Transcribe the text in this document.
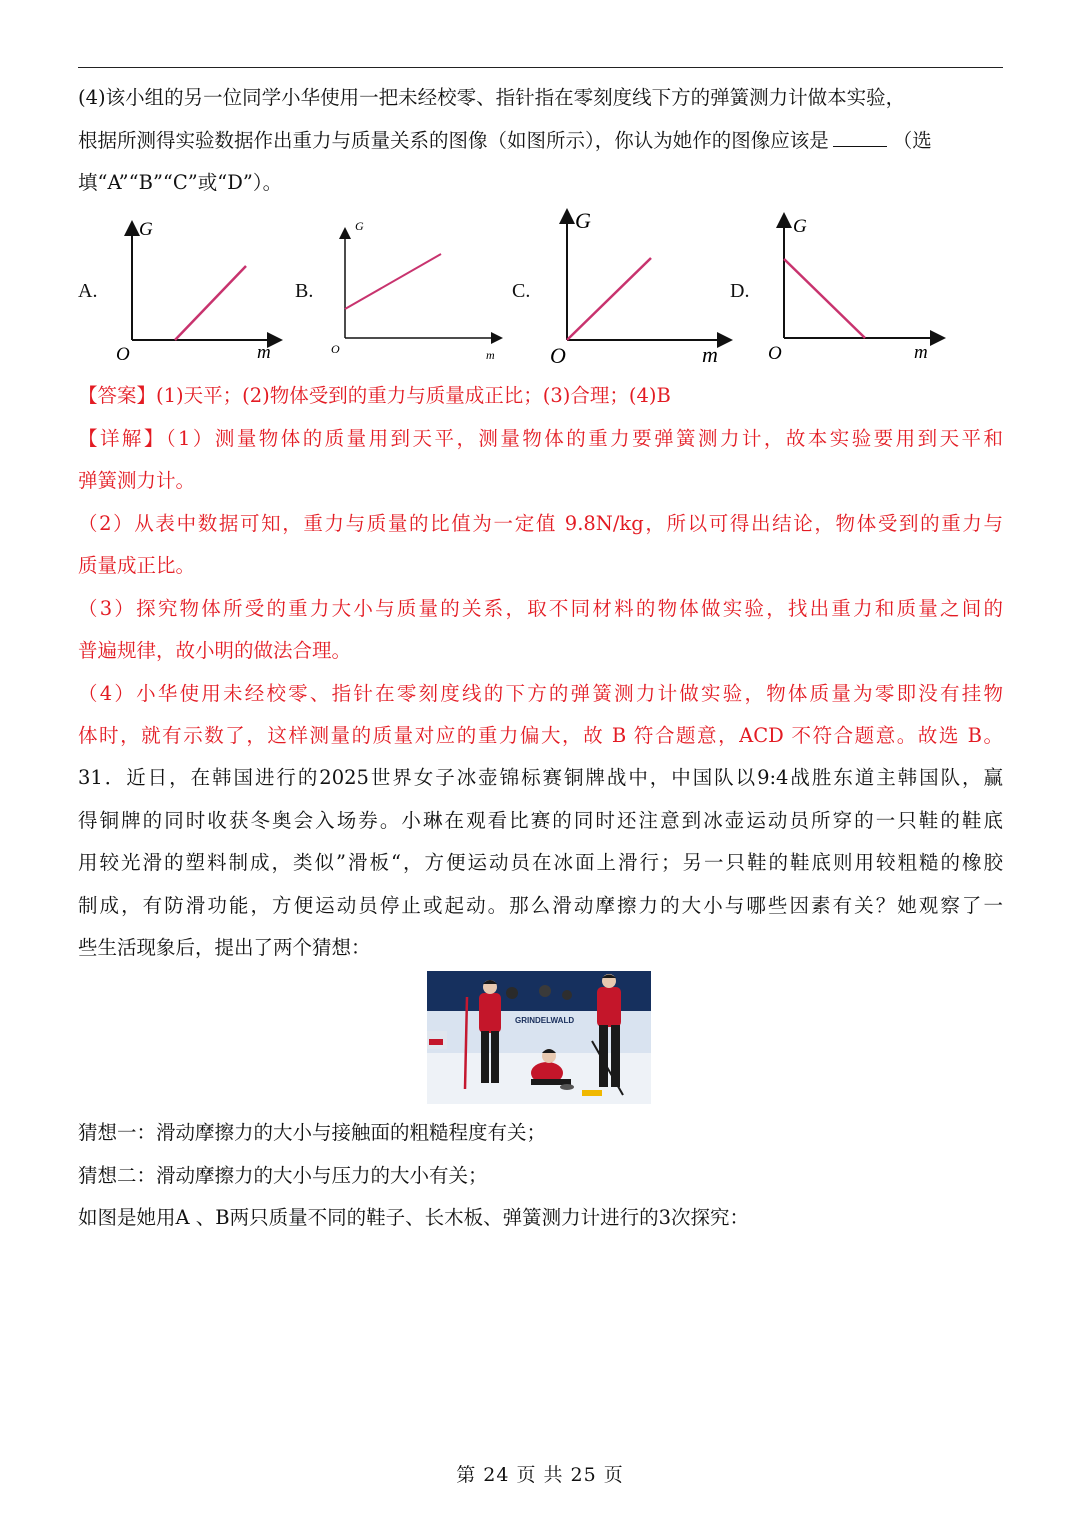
(4)该小组的另一位同学小华使用一把未经校零、指针指在零刻度线下方的弹簧测力计做本实验，
根据所测得实验数据作出重力与质量关系的图像（如图所示），你认为她作的图像应该是	（选
填“A”“B”“C”或“D”）。
A.
G
O	m
B.
G
O	m
C.
G
O	m
D.
G
O	m
【答案】(1)天平；(2)物体受到的重力与质量成正比；(3)合理；(4)B
【详解】（1）测量物体的质量用到天平，测量物体的重力要弹簧测力计，故本实验要用到天平和
弹簧测力计。
（2）从表中数据可知，重力与质量的比值为一定值 9.8N/kg，所以可得出结论，物体受到的重力与
质量成正比。
（3）探究物体所受的重力大小与质量的关系，取不同材料的物体做实验，找出重力和质量之间的
普遍规律，故小明的做法合理。
（4）小华使用未经校零、指针在零刻度线的下方的弹簧测力计做实验，物体质量为零即没有挂物
体时，就有示数了，这样测量的质量对应的重力偏大，故 B 符合题意，ACD 不符合题意。故选 B。
31．近日，在韩国进行的2025世界女子冰壶锦标赛铜牌战中，中国队以9:4战胜东道主韩国队，赢
得铜牌的同时收获冬奥会入场券。小琳在观看比赛的同时还注意到冰壶运动员所穿的一只鞋的鞋底
用较光滑的塑料制成，类似”滑板“，方便运动员在冰面上滑行；另一只鞋的鞋底则用较粗糙的橡胶
制成，有防滑功能，方便运动员停止或起动。那么滑动摩擦力的大小与哪些因素有关？她观察了一
些生活现象后，提出了两个猜想：
GRINDELWALD
猜想一：滑动摩擦力的大小与接触面的粗糙程度有关；
猜想二：滑动摩擦力的大小与压力的大小有关；
如图是她用A 、B两只质量不同的鞋子、长木板、弹簧测力计进行的3次探究：
第 24 页 共 25 页
